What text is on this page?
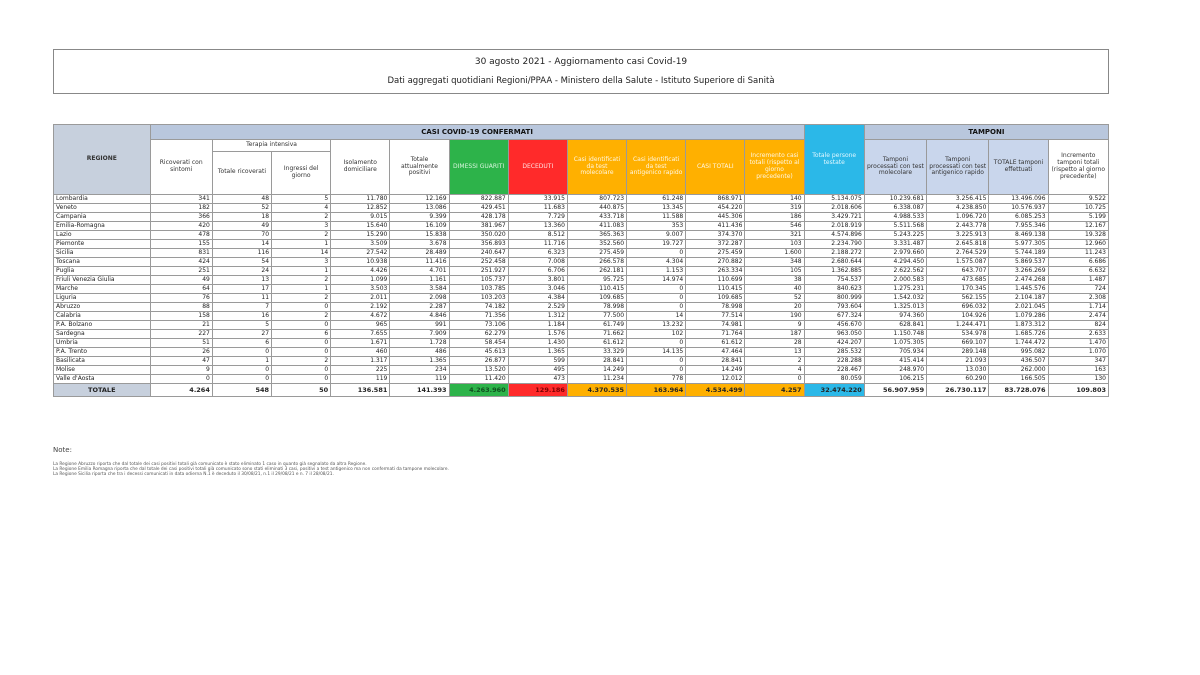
30 agosto 2021 - Aggiornamento casi Covid-19
Dati aggregati quotidiani Regioni/PPAA - Ministero della Salute - Istituto Superiore di Sanità
REGIONE	CASI COVID-19 CONFERMATI											Totale persone testate	TAMPONI			
	Ricoverati con sintomi	Terapia intensiva		Isolamento domiciliare	Totale attualmente positivi	DIMESSI GUARITI	DECEDUTI	Casi identificati da test molecolare	Casi identificati da test antigenico rapido	CASI TOTALI	Incremento casi totali (rispetto al giorno precedente)		Tamponi processati con test molecolare	Tamponi processati con test antigenico rapido	TOTALE tamponi effettuati	Incremento tamponi totali (rispetto al giorno precedente)
		Totale ricoverati	Ingressi del giorno													
Lombardia	341	48	5	11.780	12.169	822.887	33.915	807.723	61.248	868.971	140	5.134.075	10.239.681	3.256.415	13.496.096	9.522
Veneto	182	52	4	12.852	13.086	429.451	11.683	440.875	13.345	454.220	319	2.018.606	6.338.087	4.238.850	10.576.937	10.725
Campania	366	18	2	9.015	9.399	428.178	7.729	433.718	11.588	445.306	186	3.429.721	4.988.533	1.096.720	6.085.253	5.199
Emilia-Romagna	420	49	3	15.640	16.109	381.967	13.360	411.083	353	411.436	546	2.018.919	5.511.568	2.443.778	7.955.346	12.167
Lazio	478	70	2	15.290	15.838	350.020	8.512	365.363	9.007	374.370	321	4.574.896	5.243.225	3.225.913	8.469.138	19.328
Piemonte	155	14	1	3.509	3.678	356.893	11.716	352.560	19.727	372.287	103	2.234.790	3.331.487	2.645.818	5.977.305	12.960
Sicilia	831	116	14	27.542	28.489	240.647	6.323	275.459	0	275.459	1.600	2.188.272	2.979.660	2.764.529	5.744.189	11.243
Toscana	424	54	3	10.938	11.416	252.458	7.008	266.578	4.304	270.882	348	2.680.644	4.294.450	1.575.087	5.869.537	6.686
Puglia	251	24	1	4.426	4.701	251.927	6.706	262.181	1.153	263.334	105	1.362.885	2.622.562	643.707	3.266.269	6.632
Friuli Venezia Giulia	49	13	2	1.099	1.161	105.737	3.801	95.725	14.974	110.699	38	754.537	2.000.583	473.685	2.474.268	1.487
Marche	64	17	1	3.503	3.584	103.785	3.046	110.415	0	110.415	40	840.623	1.275.231	170.345	1.445.576	724
Liguria	76	11	2	2.011	2.098	103.203	4.384	109.685	0	109.685	52	800.999	1.542.032	562.155	2.104.187	2.308
Abruzzo	88	7	0	2.192	2.287	74.182	2.529	78.998	0	78.998	20	793.604	1.325.013	696.032	2.021.045	1.714
Calabria	158	16	2	4.672	4.846	71.356	1.312	77.500	14	77.514	190	677.324	974.360	104.926	1.079.286	2.474
P.A. Bolzano	21	5	0	965	991	73.106	1.184	61.749	13.232	74.981	9	456.670	628.841	1.244.471	1.873.312	824
Sardegna	227	27	6	7.655	7.909	62.279	1.576	71.662	102	71.764	187	963.050	1.150.748	534.978	1.685.726	2.633
Umbria	51	6	0	1.671	1.728	58.454	1.430	61.612	0	61.612	28	424.207	1.075.305	669.107	1.744.472	1.470
P.A. Trento	26	0	0	460	486	45.613	1.365	33.329	14.135	47.464	13	285.532	705.934	289.148	995.082	1.070
Basilicata	47	1	2	1.317	1.365	26.877	599	28.841	0	28.841	2	228.288	415.414	21.093	436.507	347
Molise	9	0	0	225	234	13.520	495	14.249	0	14.249	4	228.467	248.970	13.030	262.000	163
Valle d'Aosta	0	0	0	119	119	11.420	473	11.234	778	12.012	0	80.059	106.215	60.290	166.505	130
TOTALE	4.264	548	50	136.581	141.393	4.263.960	129.186	4.370.535	163.964	4.534.499	4.257	32.474.220	56.907.959	26.730.117	83.728.076	109.803
Note:
La Regione Abruzzo riporta che dal totale dei casi positivi totali già comunicato è stato eliminato 1 caso in quanto già segnalato da altra Regione.
La Regione Emilia Romagna riporta che dal totale dei casi positivi totali già comunicato sono stati eliminati 3 casi, positivi a test antigenico ma non confermati da tampone molecolare.
La Regione Sicilia riporta che tra i decessi comunicati in data odierna N.1 è deceduto il 30/08/21, n.1 il 29/08/21 e n. 7 il 28/08/21.
